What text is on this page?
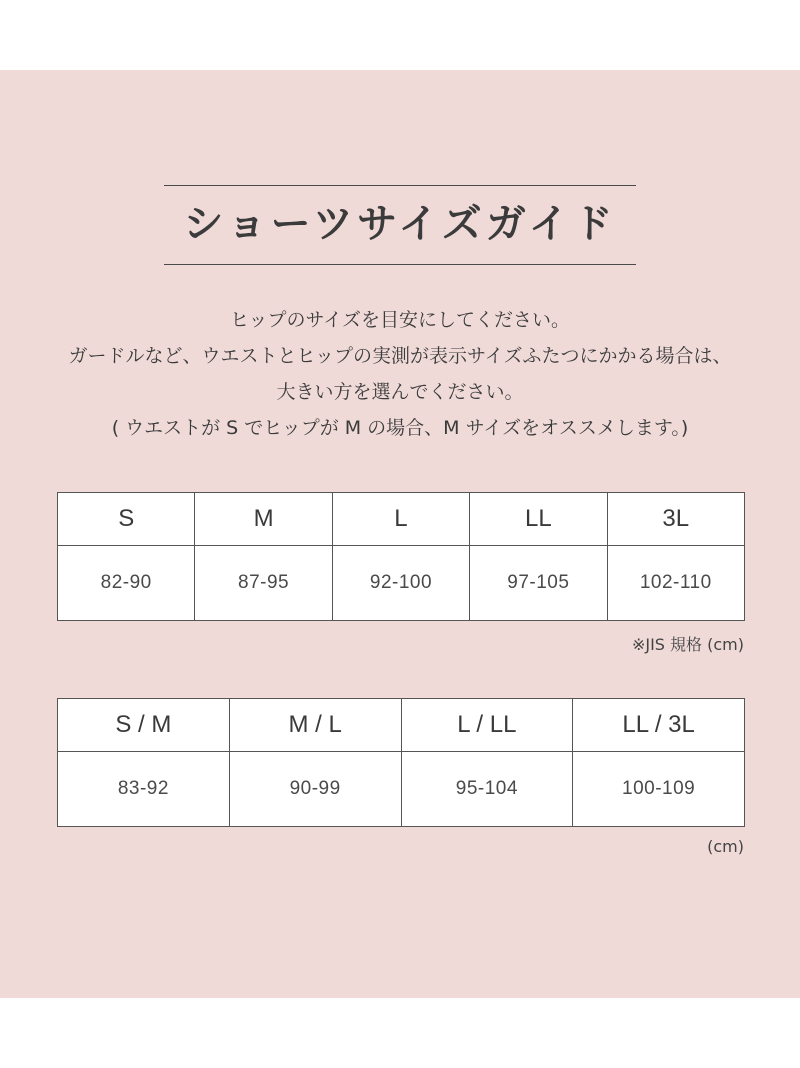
ショーツサイズガイド
ヒップのサイズを目安にしてください。
ガードルなど、ウエストとヒップの実測が表示サイズふたつにかかる場合は、
大きい方を選んでください。
( ウエストが S でヒップが M の場合、M サイズをオススメします。)
S	M	L	LL	3L
82-90	87-95	92-100	97-105	102-110
※JIS 規格 (cm)
S / M	M / L	L / LL	LL / 3L
83-92	90-99	95-104	100-109
(cm)
